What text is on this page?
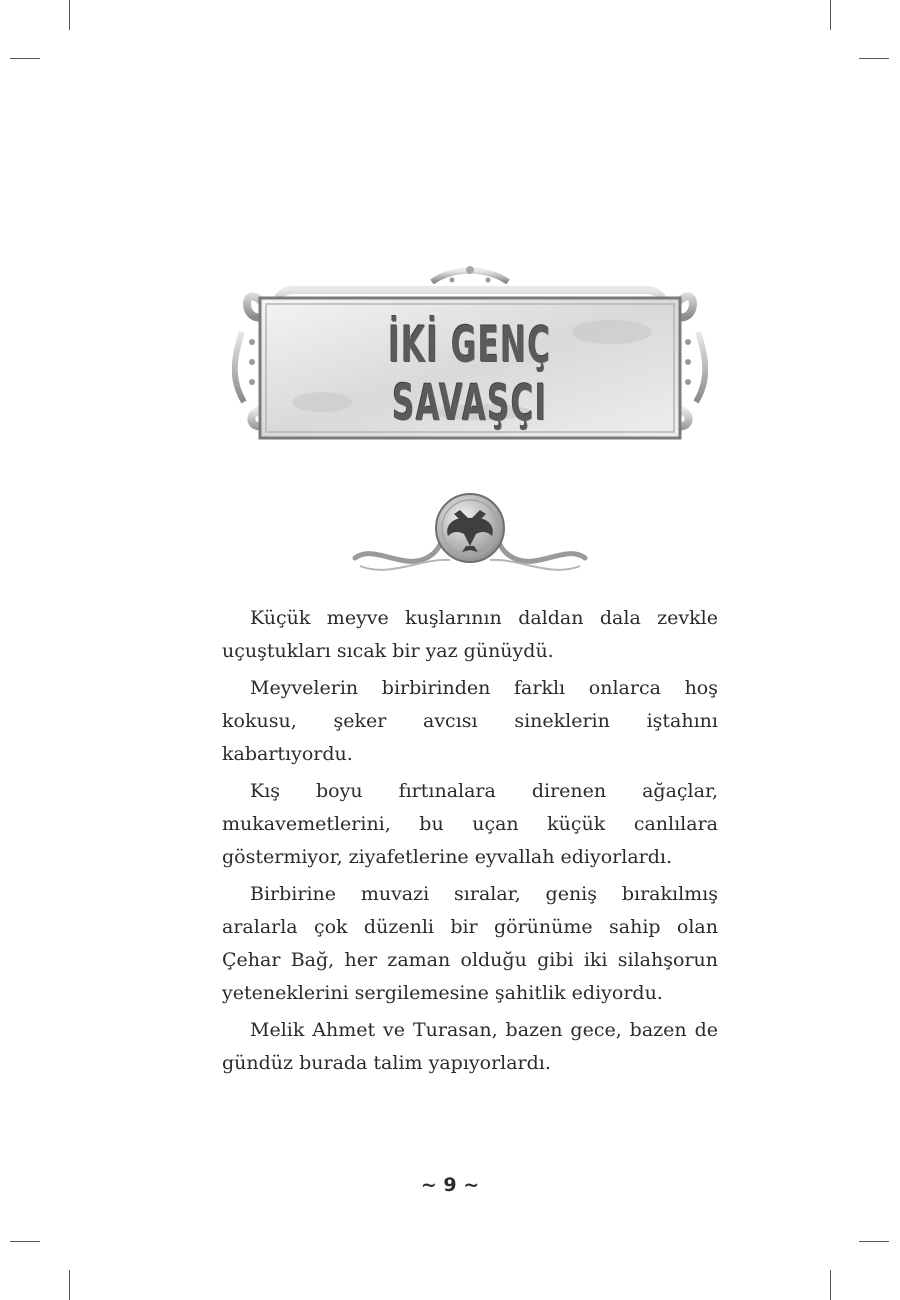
İKİ GENÇ SAVAŞÇI

Küçük meyve kuşlarının daldan dala zevkle uçuştukları sıcak bir yaz günüydü.

Meyvelerin birbirinden farklı onlarca hoş kokusu, şeker avcısı sineklerin iştahını kabartıyordu.

Kış boyu fırtınalara direnen ağaçlar, mukavemetlerini, bu uçan küçük canlılara göstermiyor, ziyafetlerine eyvallah ediyorlardı.

Birbirine muvazi sıralar, geniş bırakılmış aralarla çok düzenli bir görünüme sahip olan Çehar Bağ, her zaman olduğu gibi iki silahşorun yeteneklerini sergilemesine şahitlik ediyordu.

Melik Ahmet ve Turasan, bazen gece, bazen de gündüz burada talim yapıyorlardı.

~ 9 ~
